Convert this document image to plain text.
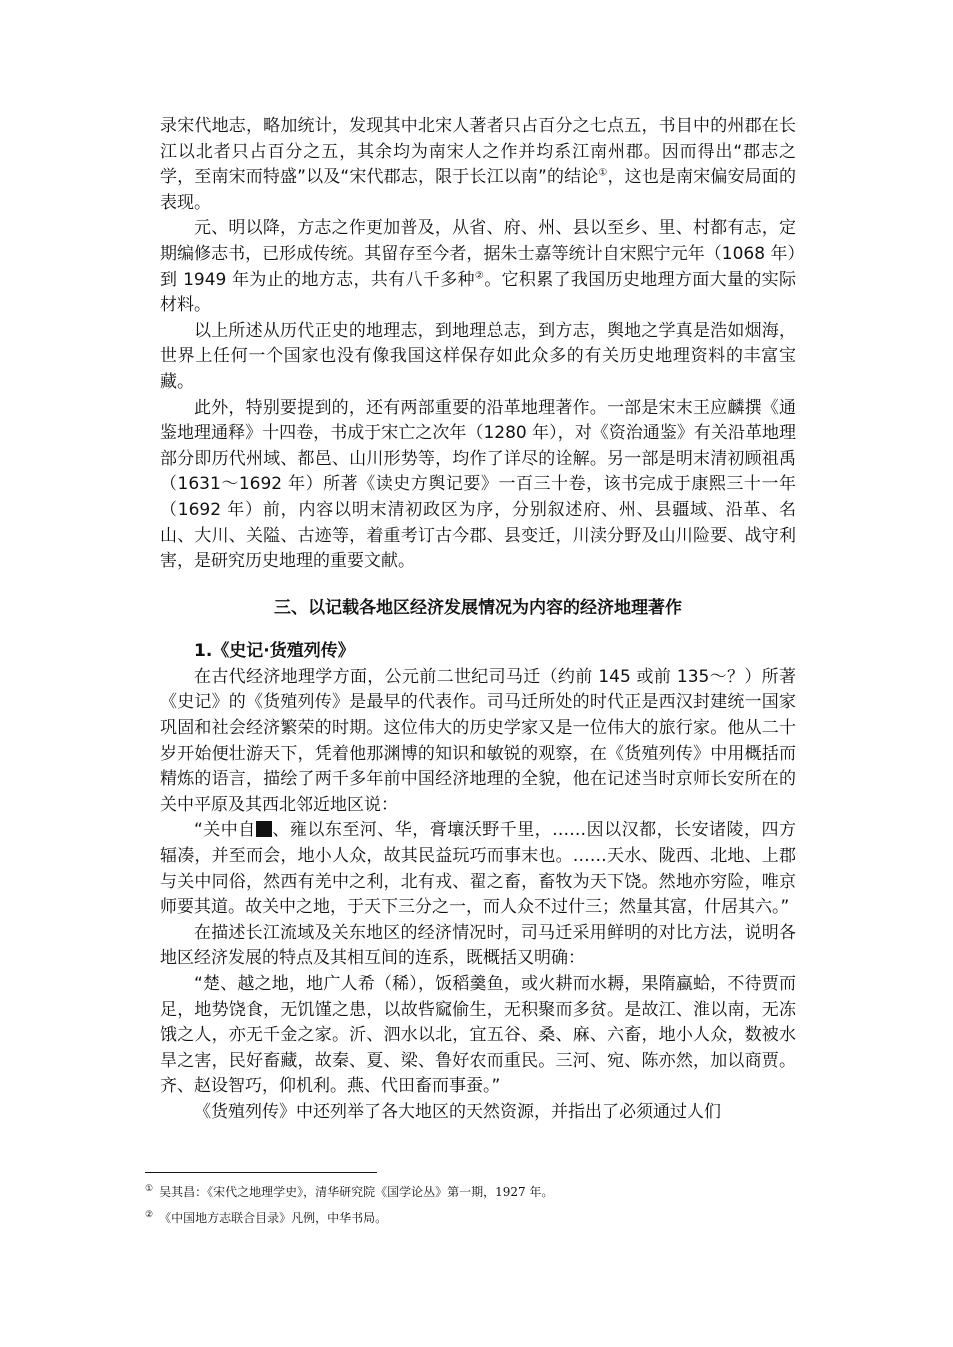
录宋代地志，略加统计，发现其中北宋人著者只占百分之七点五，书目中的州郡在长江以北者只占百分之五，其余均为南宋人之作并均系江南州郡。因而得出“郡志之学，至南宋而特盛”以及“宋代郡志，限于长江以南”的结论①，这也是南宋偏安局面的表现。

元、明以降，方志之作更加普及，从省、府、州、县以至乡、里、村都有志，定期编修志书，已形成传统。其留存至今者，据朱士嘉等统计自宋熙宁元年（1068 年）到 1949 年为止的地方志，共有八千多种②。它积累了我国历史地理方面大量的实际材料。

以上所述从历代正史的地理志，到地理总志，到方志，舆地之学真是浩如烟海，世界上任何一个国家也没有像我国这样保存如此众多的有关历史地理资料的丰富宝藏。

此外，特别要提到的，还有两部重要的沿革地理著作。一部是宋末王应麟撰《通鉴地理通释》十四卷，书成于宋亡之次年（1280 年），对《资治通鉴》有关沿革地理部分即历代州域、都邑、山川形势等，均作了详尽的诠解。另一部是明末清初顾祖禹（1631～1692 年）所著《读史方舆记要》一百三十卷，该书完成于康熙三十一年（1692 年）前，内容以明末清初政区为序，分别叙述府、州、县疆域、沿革、名山、大川、关隘、古迹等，着重考订古今郡、县变迁，川渎分野及山川险要、战守利害，是研究历史地理的重要文献。

三、以记载各地区经济发展情况为内容的经济地理著作

1.《史记·货殖列传》

在古代经济地理学方面，公元前二世纪司马迁（约前 145 或前 135～？）所著《史记》的《货殖列传》是最早的代表作。司马迁所处的时代正是西汉封建统一国家巩固和社会经济繁荣的时期。这位伟大的历史学家又是一位伟大的旅行家。他从二十岁开始便壮游天下，凭着他那渊博的知识和敏锐的观察，在《货殖列传》中用概括而精炼的语言，描绘了两千多年前中国经济地理的全貌，他在记述当时京师长安所在的关中平原及其西北邻近地区说：

“关中自 、雍以东至河、华，膏壤沃野千里，……因以汉都，长安诸陵，四方辐凑，并至而会，地小人众，故其民益玩巧而事末也。……天水、陇西、北地、上郡与关中同俗，然西有羌中之利，北有戎、翟之畜，畜牧为天下饶。然地亦穷险，唯京师要其道。故关中之地，于天下三分之一，而人众不过什三；然量其富，什居其六。”

在描述长江流域及关东地区的经济情况时，司马迁采用鲜明的对比方法，说明各地区经济发展的特点及其相互间的连系，既概括又明确：

“楚、越之地，地广人希（稀），饭稻羹鱼，或火耕而水耨，果隋蠃蛤，不待贾而足，地势饶食，无饥馑之患，以故呰窳偷生，无积聚而多贫。是故江、淮以南，无冻饿之人，亦无千金之家。沂、泗水以北，宜五谷、桑、麻、六畜，地小人众，数被水旱之害，民好畜藏，故秦、夏、梁、鲁好农而重民。三河、宛、陈亦然，加以商贾。齐、赵设智巧，仰机利。燕、代田畜而事蚕。”

《货殖列传》中还列举了各大地区的天然资源，并指出了必须通过人们

① 吴其昌：《宋代之地理学史》，清华研究院《国学论丛》第一期，1927 年。

② 《中国地方志联合目录》凡例，中华书局。
